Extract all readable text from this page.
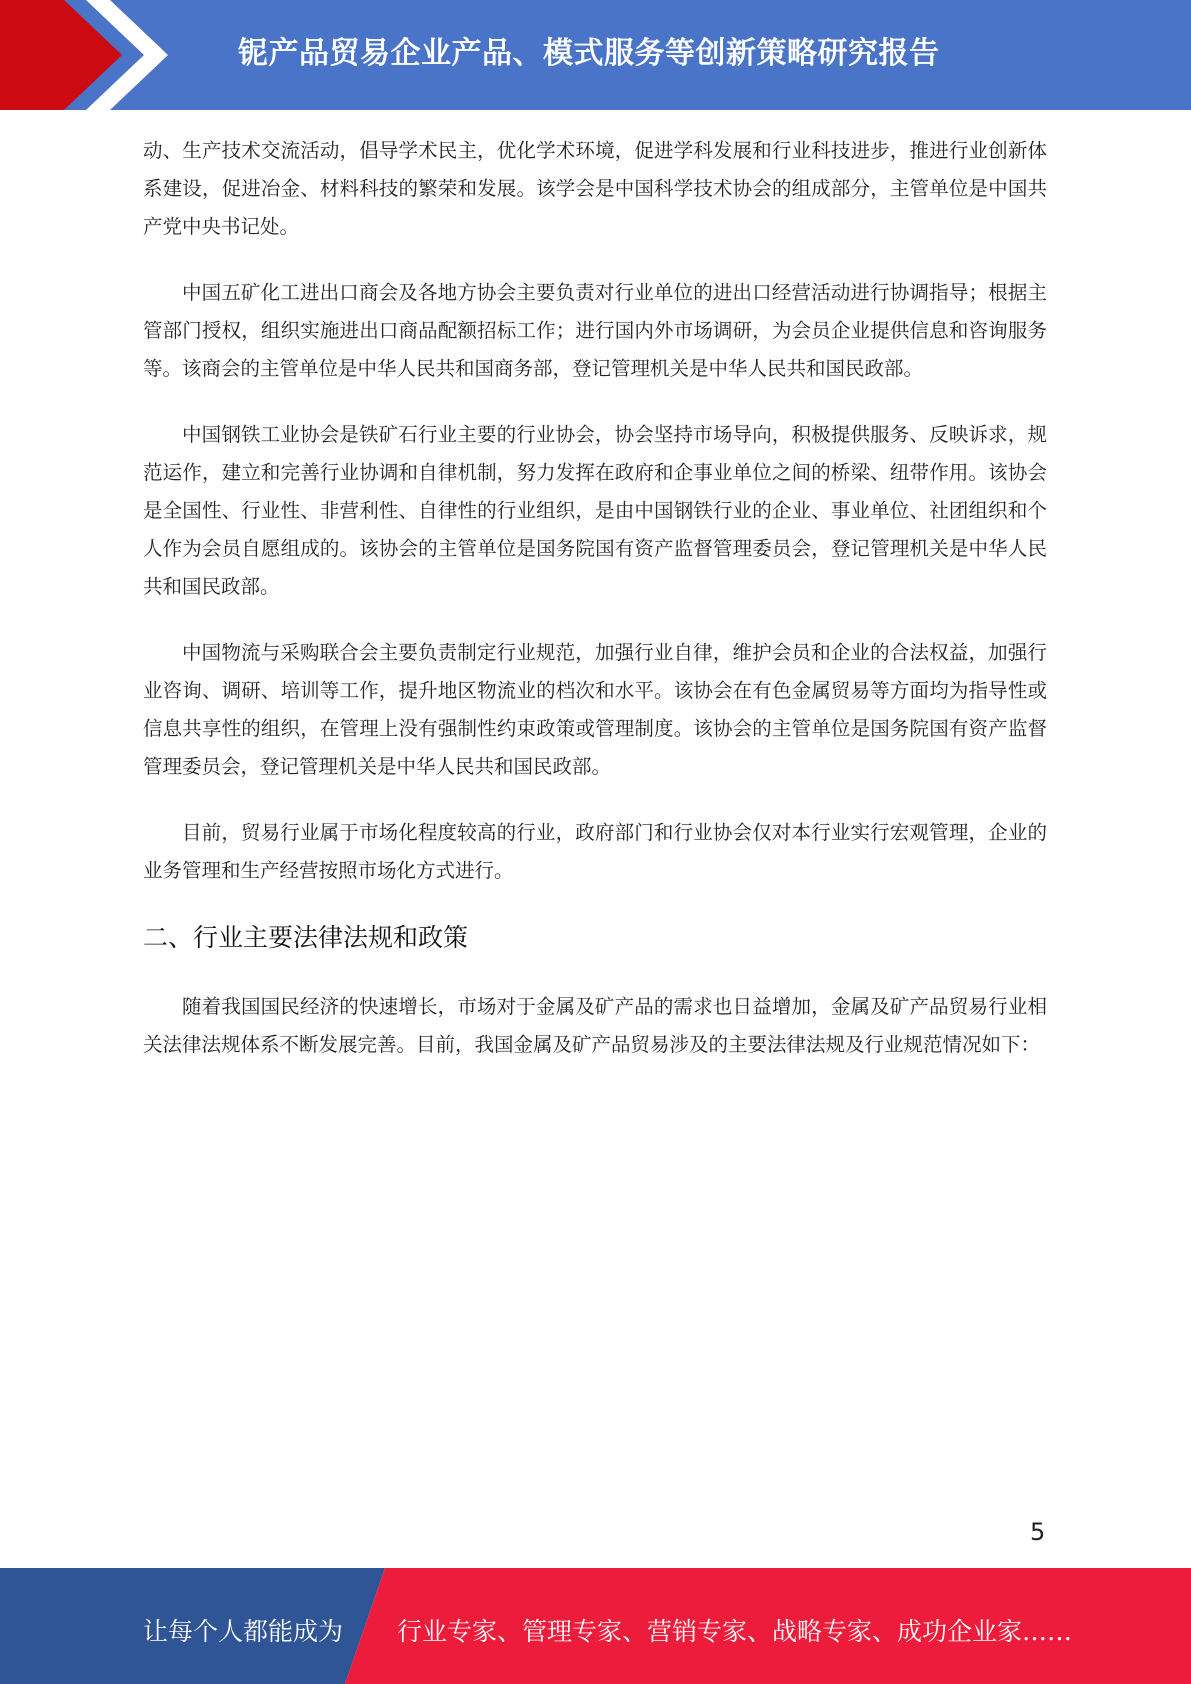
铌产品贸易企业产品、模式服务等创新策略研究报告

动、生产技术交流活动，倡导学术民主，优化学术环境，促进学科发展和行业科技进步，推进行业创新体系建设，促进冶金、材料科技的繁荣和发展。该学会是中国科学技术协会的组成部分，主管单位是中国共产党中央书记处。

中国五矿化工进出口商会及各地方协会主要负责对行业单位的进出口经营活动进行协调指导；根据主管部门授权，组织实施进出口商品配额招标工作；进行国内外市场调研，为会员企业提供信息和咨询服务等。该商会的主管单位是中华人民共和国商务部，登记管理机关是中华人民共和国民政部。

中国钢铁工业协会是铁矿石行业主要的行业协会，协会坚持市场导向，积极提供服务、反映诉求，规范运作，建立和完善行业协调和自律机制，努力发挥在政府和企事业单位之间的桥梁、纽带作用。该协会是全国性、行业性、非营利性、自律性的行业组织，是由中国钢铁行业的企业、事业单位、社团组织和个人作为会员自愿组成的。该协会的主管单位是国务院国有资产监督管理委员会，登记管理机关是中华人民共和国民政部。

中国物流与采购联合会主要负责制定行业规范，加强行业自律，维护会员和企业的合法权益，加强行业咨询、调研、培训等工作，提升地区物流业的档次和水平。该协会在有色金属贸易等方面均为指导性或信息共享性的组织，在管理上没有强制性约束政策或管理制度。该协会的主管单位是国务院国有资产监督管理委员会，登记管理机关是中华人民共和国民政部。

目前，贸易行业属于市场化程度较高的行业，政府部门和行业协会仅对本行业实行宏观管理，企业的业务管理和生产经营按照市场化方式进行。

二、行业主要法律法规和政策

随着我国国民经济的快速增长，市场对于金属及矿产品的需求也日益增加，金属及矿产品贸易行业相关法律法规体系不断发展完善。目前，我国金属及矿产品贸易涉及的主要法律法规及行业规范情况如下：

5
让每个人都能成为 行业专家、管理专家、营销专家、战略专家、成功企业家……
